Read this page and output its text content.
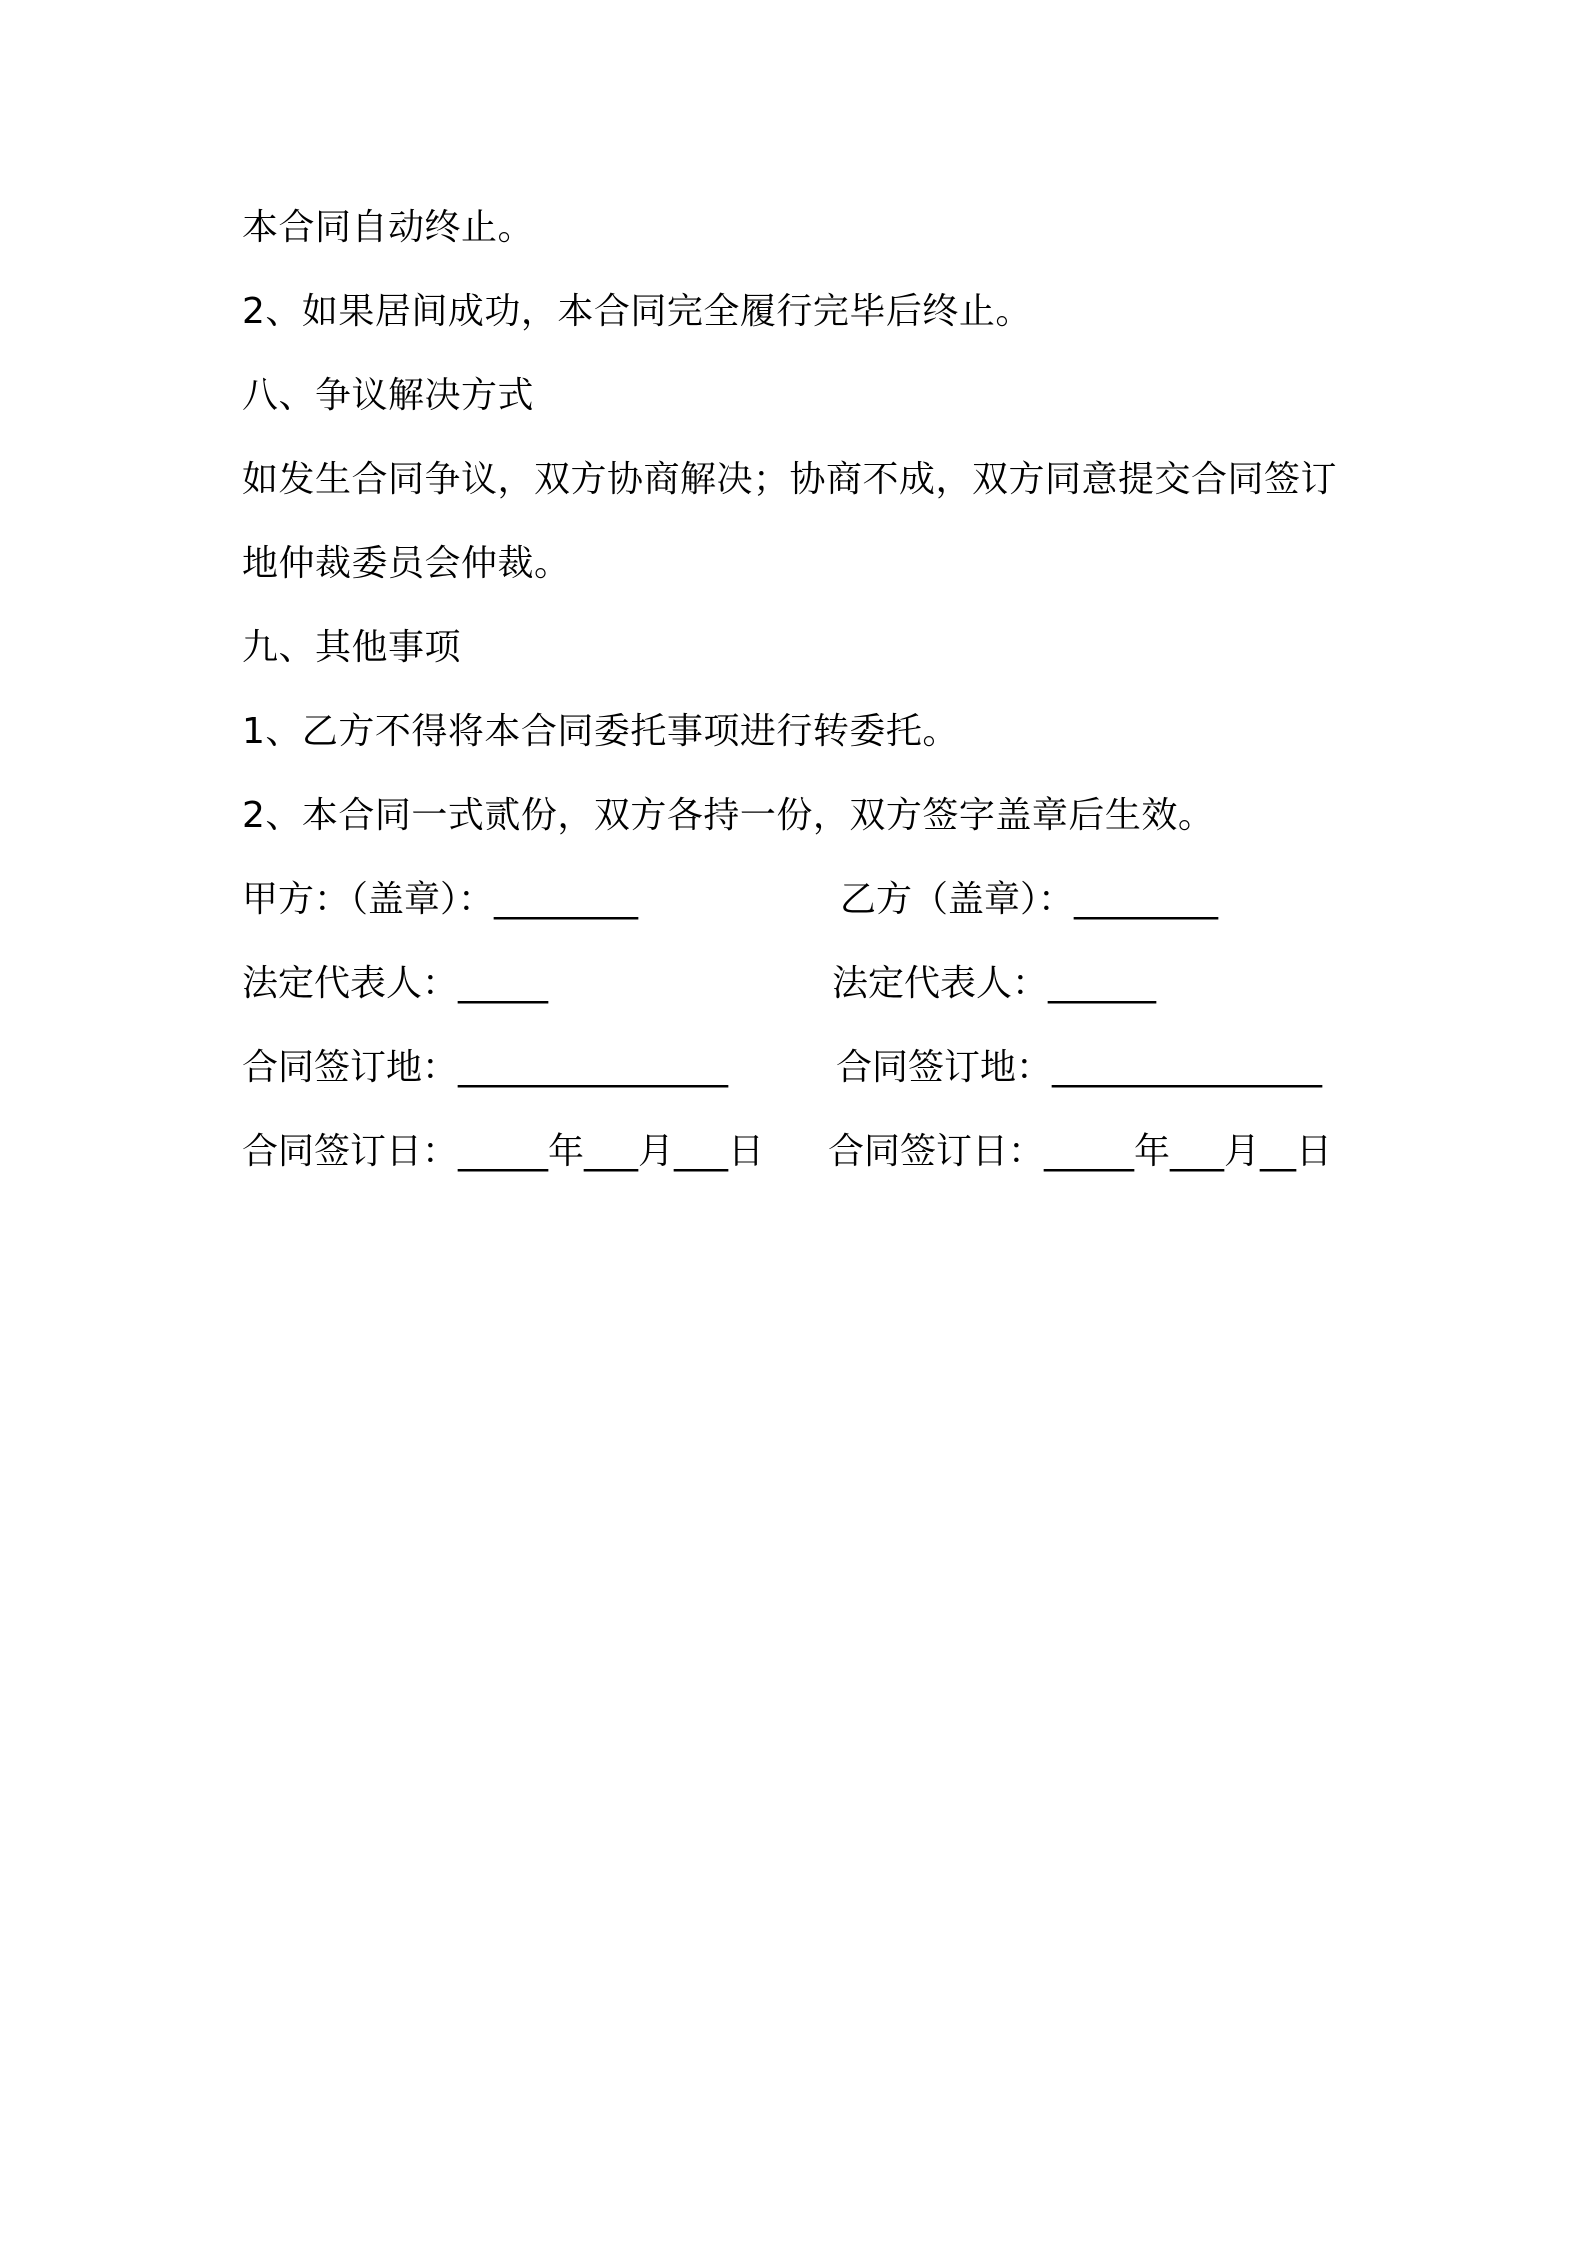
本合同自动终止。
2、如果居间成功，本合同完全履行完毕后终止。
八、争议解决方式
如发生合同争议，双方协商解决；协商不成，双方同意提交合同签订
地仲裁委员会仲裁。
九、其他事项
1、乙方不得将本合同委托事项进行转委托。
2、本合同一式贰份，双方各持一份，双方签字盖章后生效。
甲方：（盖章）：________	乙方（盖章）：________
法定代表人：_____	法定代表人：______
合同签订地：_______________	合同签订地：_______________
合同签订日：_____年___月___日 合同签订日：_____年___月__日
